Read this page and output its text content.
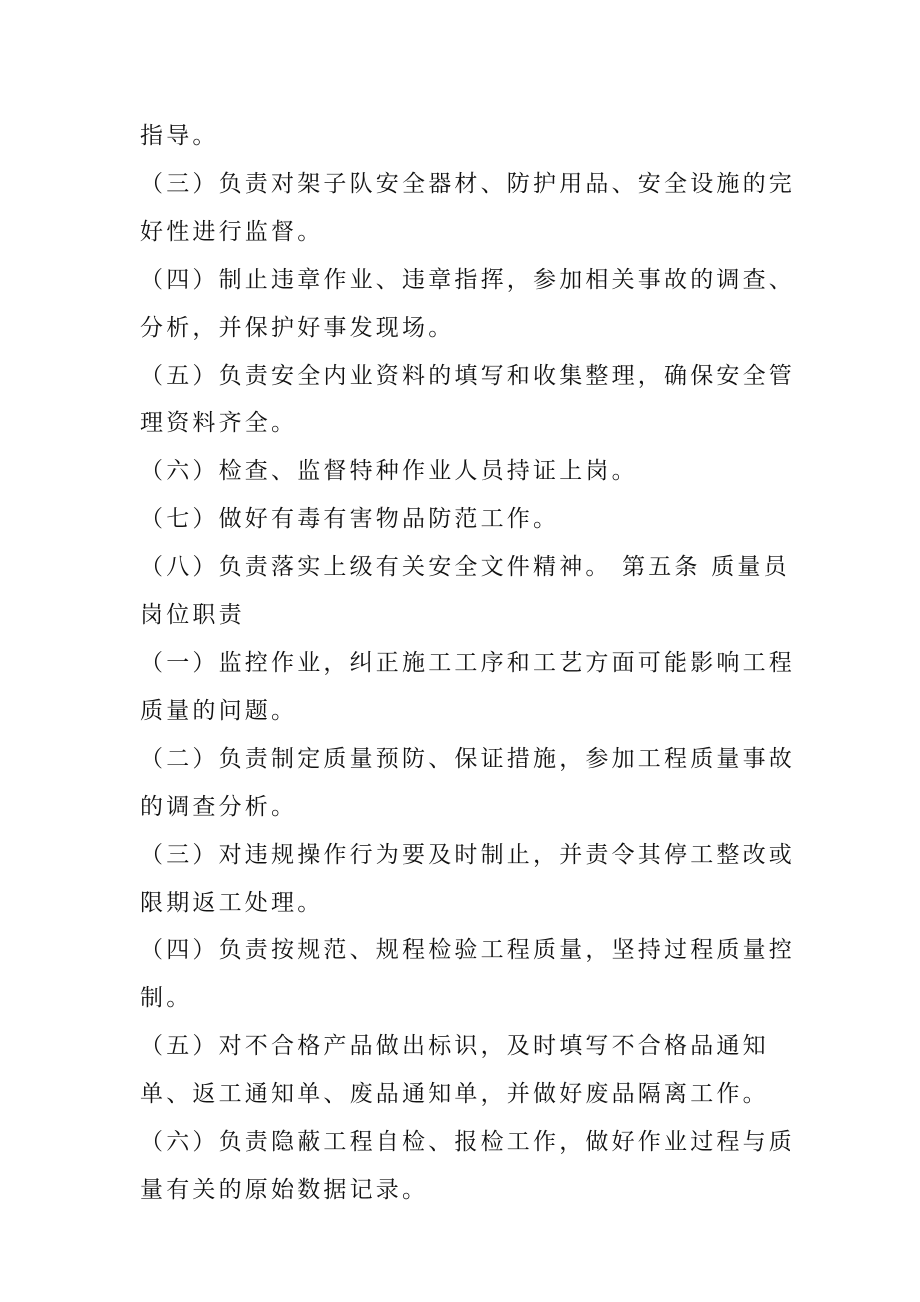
指导。

（三）负责对架子队安全器材、防护用品、安全设施的完好性进行监督。

（四）制止违章作业、违章指挥，参加相关事故的调查、分析，并保护好事发现场。

（五）负责安全内业资料的填写和收集整理，确保安全管理资料齐全。

（六）检查、监督特种作业人员持证上岗。

（七）做好有毒有害物品防范工作。

（八）负责落实上级有关安全文件精神。 第五条 质量员岗位职责

（一）监控作业，纠正施工工序和工艺方面可能影响工程质量的问题。

（二）负责制定质量预防、保证措施，参加工程质量事故的调查分析。

（三）对违规操作行为要及时制止，并责令其停工整改或限期返工处理。

（四）负责按规范、规程检验工程质量，坚持过程质量控制。

（五）对不合格产品做出标识，及时填写不合格品通知单、返工通知单、废品通知单，并做好废品隔离工作。

（六）负责隐蔽工程自检、报检工作，做好作业过程与质量有关的原始数据记录。
